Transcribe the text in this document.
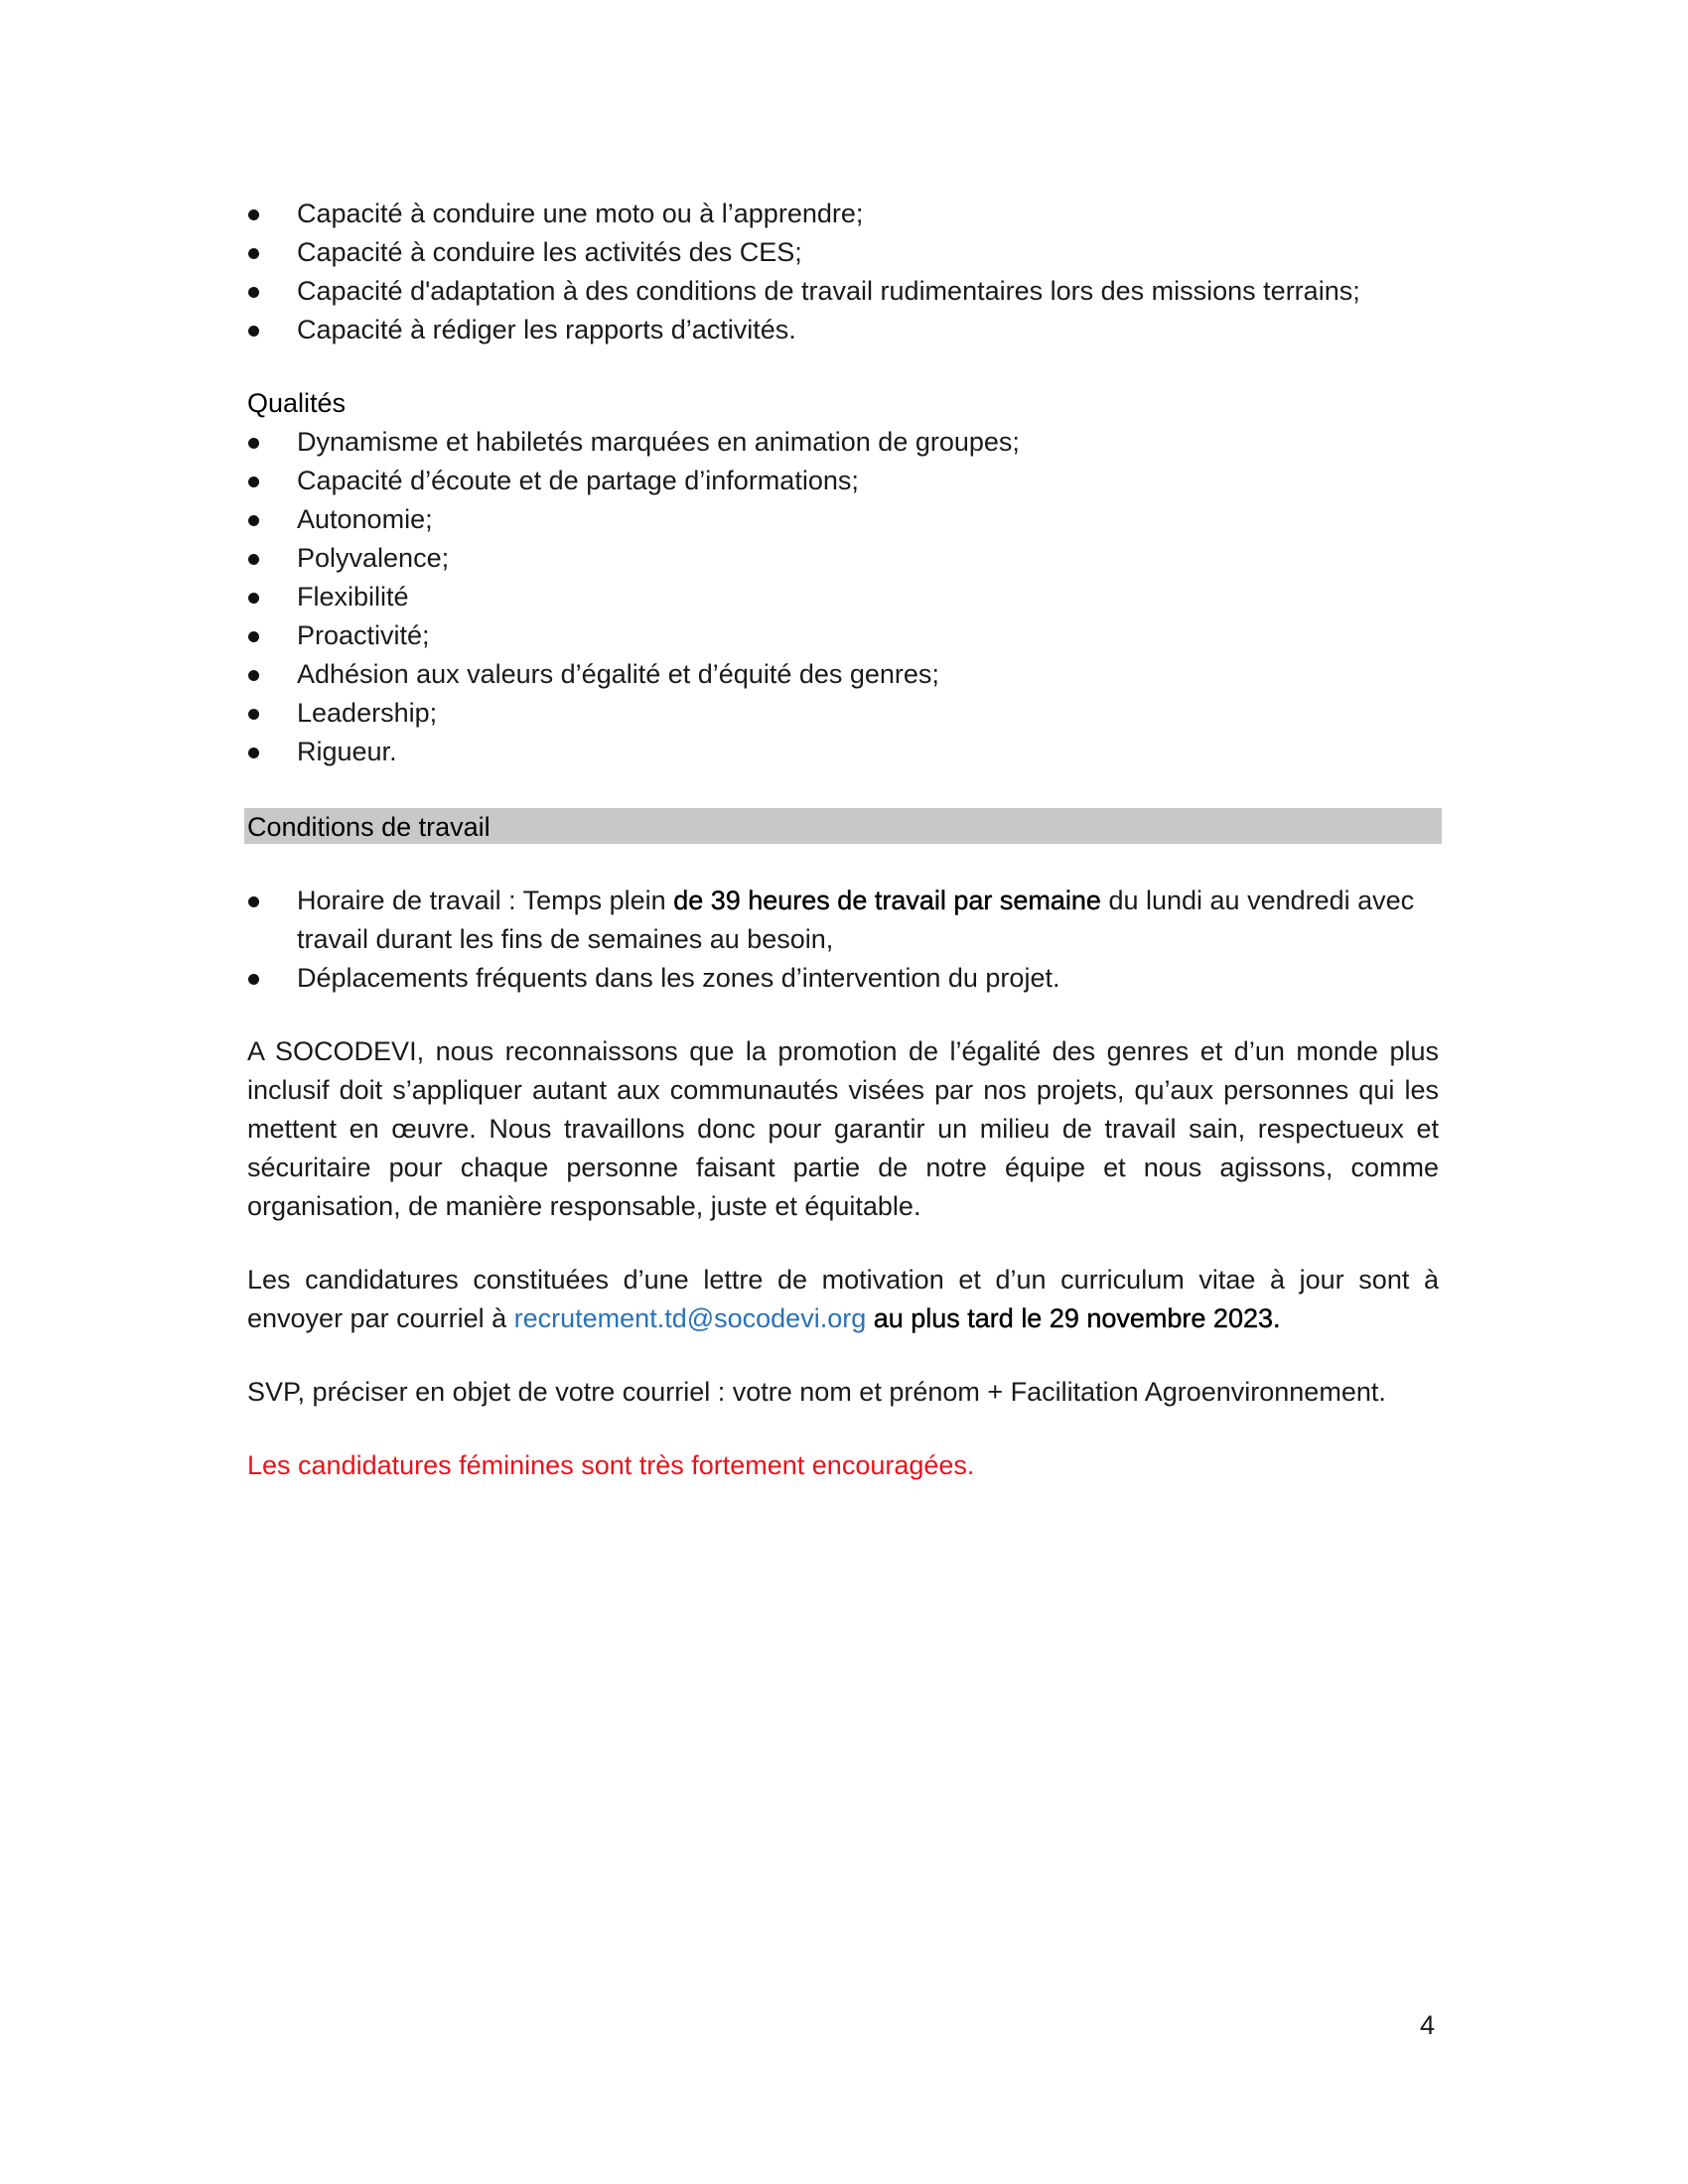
Capacité à conduire une moto ou à l’apprendre;
Capacité à conduire les activités des CES;
Capacité d'adaptation à des conditions de travail rudimentaires lors des missions terrains;
Capacité à rédiger les rapports d’activités.
Qualités
Dynamisme et habiletés marquées en animation de groupes;
Capacité d’écoute et de partage d’informations;
Autonomie;
Polyvalence;
Flexibilité
Proactivité;
Adhésion aux valeurs d’égalité et d’équité des genres;
Leadership;
Rigueur.
Conditions de travail
Horaire de travail : Temps plein de 39 heures de travail par semaine du lundi au vendredi avec travail durant les fins de semaines au besoin,
Déplacements fréquents dans les zones d’intervention du projet.

A SOCODEVI, nous reconnaissons que la promotion de l’égalité des genres et d’un monde plus inclusif doit s’appliquer autant aux communautés visées par nos projets, qu’aux personnes qui les mettent en œuvre. Nous travaillons donc pour garantir un milieu de travail sain, respectueux et sécuritaire pour chaque personne faisant partie de notre équipe et nous agissons, comme organisation, de manière responsable, juste et équitable.

Les candidatures constituées d’une lettre de motivation et d’un curriculum vitae à jour sont à envoyer par courriel à recrutement.td@socodevi.org au plus tard le 29 novembre 2023.

SVP, préciser en objet de votre courriel : votre nom et prénom + Facilitation Agroenvironnement.

Les candidatures féminines sont très fortement encouragées.

4
